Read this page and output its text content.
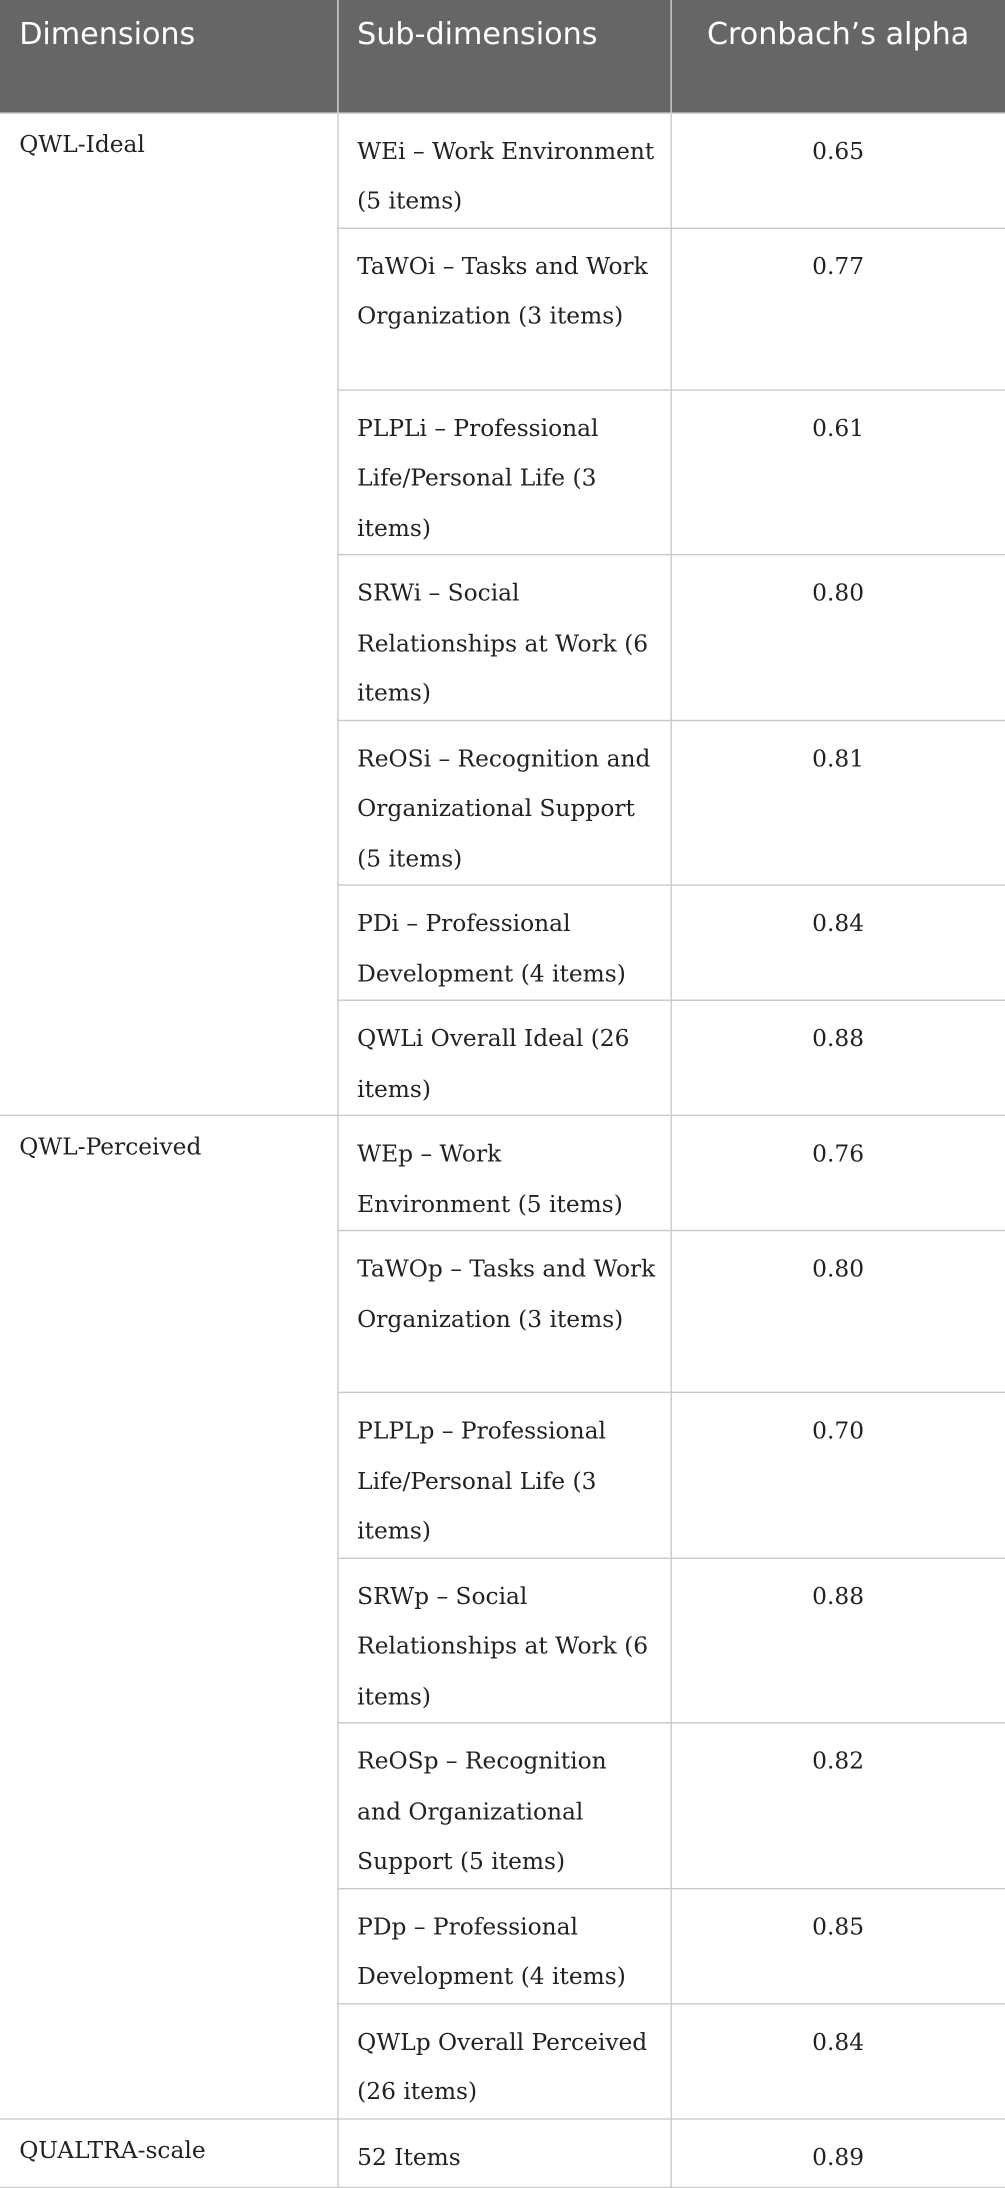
Dimensions	Sub-dimensions	Cronbach’s alpha
QWL-Ideal	WEi – Work Environment (5 items)	0.65
	TaWOi – Tasks and Work Organization (3 items)	0.77
	PLPLi – Professional Life/Personal Life (3 items)	0.61
	SRWi – Social Relationships at Work (6 items)	0.80
	ReOSi – Recognition and Organizational Support (5 items)	0.81
	PDi – Professional Development (4 items)	0.84
	QWLi Overall Ideal (26 items)	0.88
QWL-Perceived	WEp – Work Environment (5 items)	0.76
	TaWOp – Tasks and Work Organization (3 items)	0.80
	PLPLp – Professional Life/Personal Life (3 items)	0.70
	SRWp – Social Relationships at Work (6 items)	0.88
	ReOSp – Recognition and Organizational Support (5 items)	0.82
	PDp – Professional Development (4 items)	0.85
	QWLp Overall Perceived (26 items)	0.84
QUALTRA-scale	52 Items	0.89
